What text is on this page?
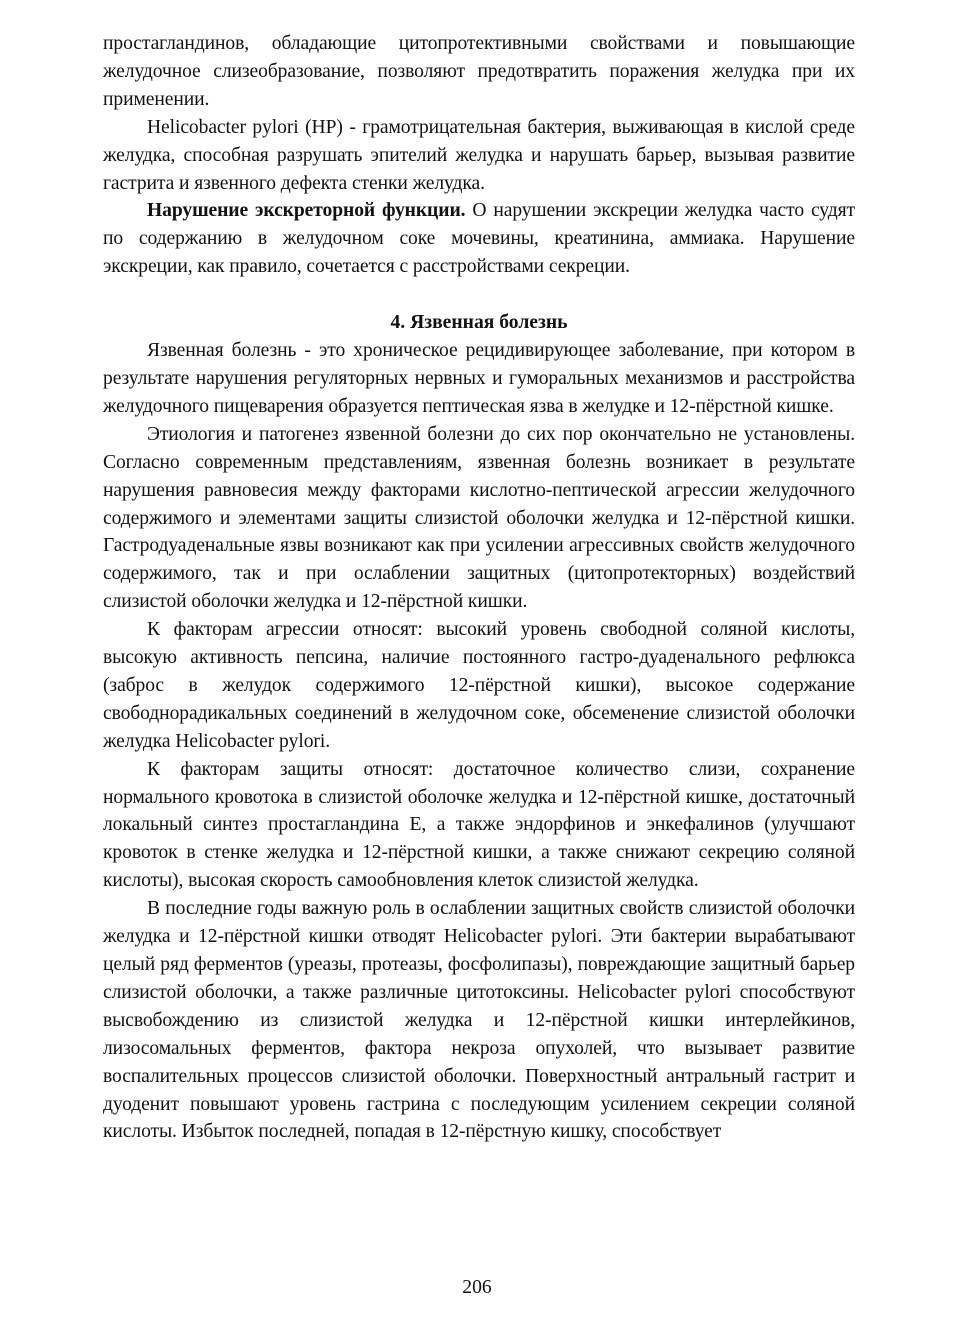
простагландинов, обладающие цитопротективными свойствами и повышающие желудочное слизеобразование, позволяют предотвратить поражения желудка при их применении.

Helicobacter pylori (HP) - грамотрицательная бактерия, выживающая в кислой среде желудка, способная разрушать эпителий желудка и нарушать барьер, вызывая развитие гастрита и язвенного дефекта стенки желудка.

Нарушение экскреторной функции. О нарушении экскреции желудка часто судят по содержанию в желудочном соке мочевины, креатинина, аммиака. Нарушение экскреции, как правило, сочетается с расстройствами секреции.

4. Язвенная болезнь

Язвенная болезнь - это хроническое рецидивирующее заболевание, при котором в результате нарушения регуляторных нервных и гуморальных механизмов и расстройства желудочного пищеварения образуется пептическая язва в желудке и 12-пёрстной кишке.

Этиология и патогенез язвенной болезни до сих пор окончательно не установлены. Согласно современным представлениям, язвенная болезнь возникает в результате нарушения равновесия между факторами кислотно-пептической агрессии желудочного содержимого и элементами защиты слизистой оболочки желудка и 12-пёрстной кишки. Гастродуаденальные язвы возникают как при усилении агрессивных свойств желудочного содержимого, так и при ослаблении защитных (цитопротекторных) воздействий слизистой оболочки желудка и 12-пёрстной кишки.

К факторам агрессии относят: высокий уровень свободной соляной кислоты, высокую активность пепсина, наличие постоянного гастро-дуаденального рефлюкса (заброс в желудок содержимого 12-пёрстной кишки), высокое содержание свободнорадикальных соединений в желудочном соке, обсеменение слизистой оболочки желудка Helicobacter pylori.

К факторам защиты относят: достаточное количество слизи, сохранение нормального кровотока в слизистой оболочке желудка и 12-пёрстной кишке, достаточный локальный синтез простагландина Е, а также эндорфинов и энкефалинов (улучшают кровоток в стенке желудка и 12-пёрстной кишки, а также снижают секрецию соляной кислоты), высокая скорость самообновления клеток слизистой желудка.

В последние годы важную роль в ослаблении защитных свойств слизистой оболочки желудка и 12-пёрстной кишки отводят Helicobacter pylori. Эти бактерии вырабатывают целый ряд ферментов (уреазы, протеазы, фосфолипазы), повреждающие защитный барьер слизистой оболочки, а также различные цитотоксины. Helicobacter pylori способствуют высвобождению из слизистой желудка и 12-пёрстной кишки интерлейкинов, лизосомальных ферментов, фактора некроза опухолей, что вызывает развитие воспалительных процессов слизистой оболочки. Поверхностный антральный гастрит и дуоденит повышают уровень гастрина с последующим усилением секреции соляной кислоты. Избыток последней, попадая в 12-пёрстную кишку, способствует

206
